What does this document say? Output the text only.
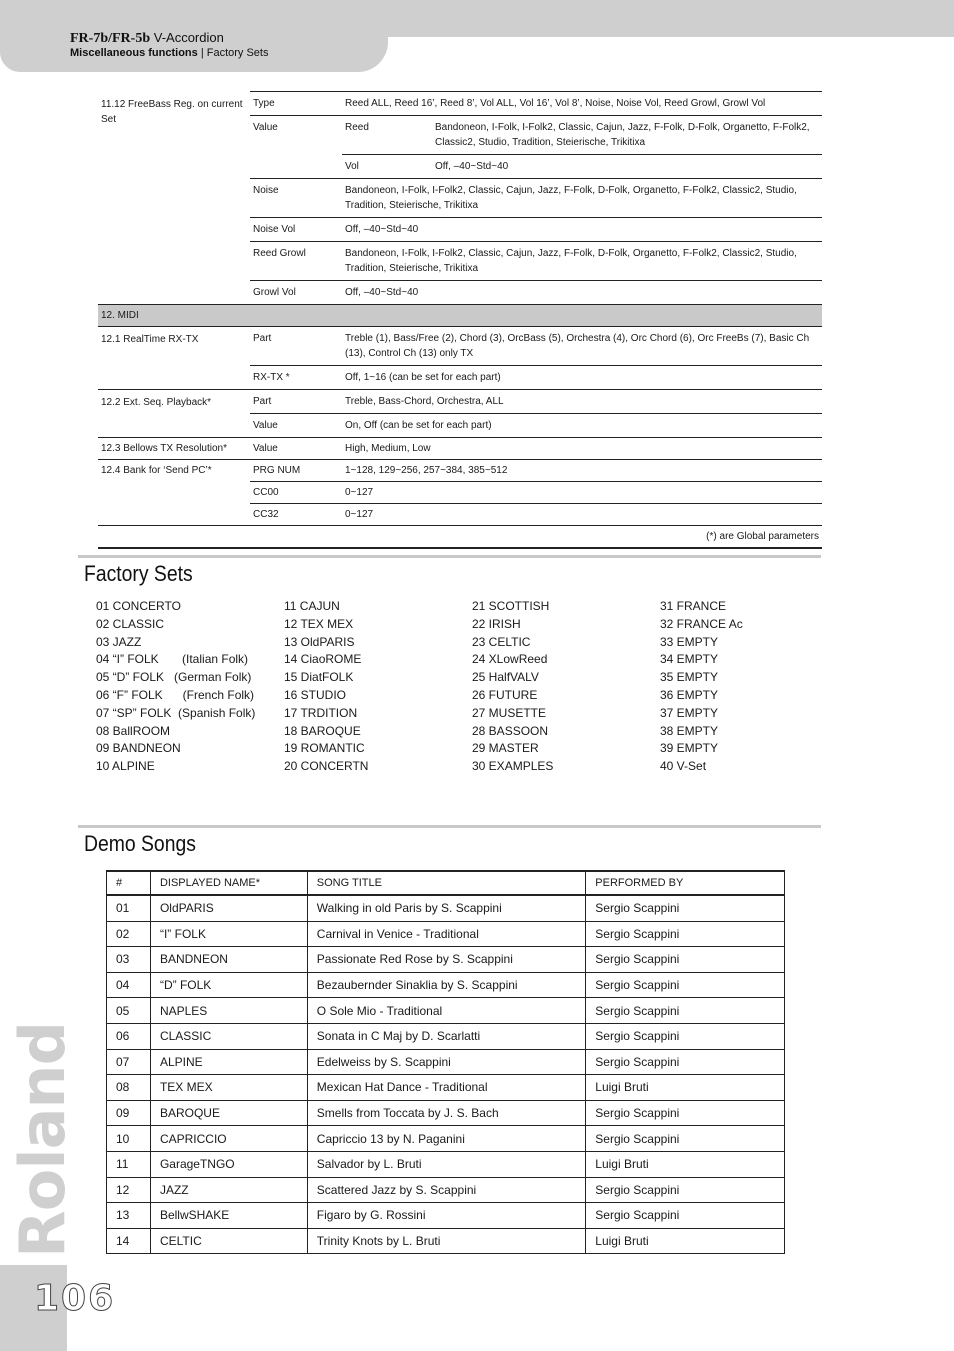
FR-7b/FR-5b V-Accordion
Miscellaneous functions | Factory Sets
Roland
106
11.12 FreeBass Reg. on current Set
Type	Reed ALL, Reed 16’, Reed 8’, Vol ALL, Vol 16’, Vol 8’, Noise, Noise Vol, Reed Growl, Growl Vol
Value	Reed	Bandoneon, I-Folk, I-Folk2, Classic, Cajun, Jazz, F-Folk, D-Folk, Organetto, F-Folk2, Classic2, Studio, Tradition, Steierische, Trikitixa
Vol	Off, –40~Std~40
Noise	Bandoneon, I-Folk, I-Folk2, Classic, Cajun, Jazz, F-Folk, D-Folk, Organetto, F-Folk2, Classic2, Studio, Tradition, Steierische, Trikitixa
Noise Vol	Off, –40~Std~40
Reed Growl	Bandoneon, I-Folk, I-Folk2, Classic, Cajun, Jazz, F-Folk, D-Folk, Organetto, F-Folk2, Classic2, Studio, Tradition, Steierische, Trikitixa
Growl Vol	Off, –40~Std~40
12. MIDI
12.1 RealTime RX-TX	Part	Treble (1), Bass/Free (2), Chord (3), OrcBass (5), Orchestra (4), Orc Chord (6), Orc FreeBs (7), Basic Ch (13), Control Ch (13) only TX
RX-TX *	Off, 1~16 (can be set for each part)
12.2 Ext. Seq. Playback*	Part	Treble, Bass-Chord, Orchestra, ALL
Value	On, Off (can be set for each part)
12.3 Bellows TX Resolution*	Value	High, Medium, Low
12.4 Bank for ‘Send PC’*	PRG NUM	1~128, 129~256, 257~384, 385~512
CC00	0~127
CC32	0~127
(*) are Global parameters
Factory Sets
01 CONCERTO
02 CLASSIC
03 JAZZ
04 “I” FOLK       (Italian Folk)
05 “D” FOLK   (German Folk)
06 “F” FOLK      (French Folk)
07 “SP” FOLK  (Spanish Folk)
08 BallROOM
09 BANDNEON
10 ALPINE
11 CAJUN
12 TEX MEX
13 OldPARIS
14 CiaoROME
15 DiatFOLK
16 STUDIO
17 TRDITION
18 BAROQUE
19 ROMANTIC
20 CONCERTN
21 SCOTTISH
22 IRISH
23 CELTIC
24 XLowReed
25 HalfVALV
26 FUTURE
27 MUSETTE
28 BASSOON
29 MASTER
30 EXAMPLES
31 FRANCE
32 FRANCE Ac
33 EMPTY
34 EMPTY
35 EMPTY
36 EMPTY
37 EMPTY
38 EMPTY
39 EMPTY
40 V-Set
Demo Songs
#	DISPLAYED NAME*	SONG TITLE	PERFORMED BY
01	OldPARIS	Walking in old Paris by S. Scappini	Sergio Scappini
02	“I” FOLK	Carnival in Venice - Traditional	Sergio Scappini
03	BANDNEON	Passionate Red Rose by S. Scappini	Sergio Scappini
04	“D” FOLK	Bezaubernder Sinaklia by S. Scappini	Sergio Scappini
05	NAPLES	O Sole Mio - Traditional	Sergio Scappini
06	CLASSIC	Sonata in C Maj by D. Scarlatti	Sergio Scappini
07	ALPINE	Edelweiss by S. Scappini	Sergio Scappini
08	TEX MEX	Mexican Hat Dance - Traditional	Luigi Bruti
09	BAROQUE	Smells from Toccata by J. S. Bach	Sergio Scappini
10	CAPRICCIO	Capriccio 13 by N. Paganini	Sergio Scappini
11	GarageTNGO	Salvador by L. Bruti	Luigi Bruti
12	JAZZ	Scattered Jazz by S. Scappini	Sergio Scappini
13	BellwSHAKE	Figaro by G. Rossini	Sergio Scappini
14	CELTIC	Trinity Knots by L. Bruti	Luigi Bruti
